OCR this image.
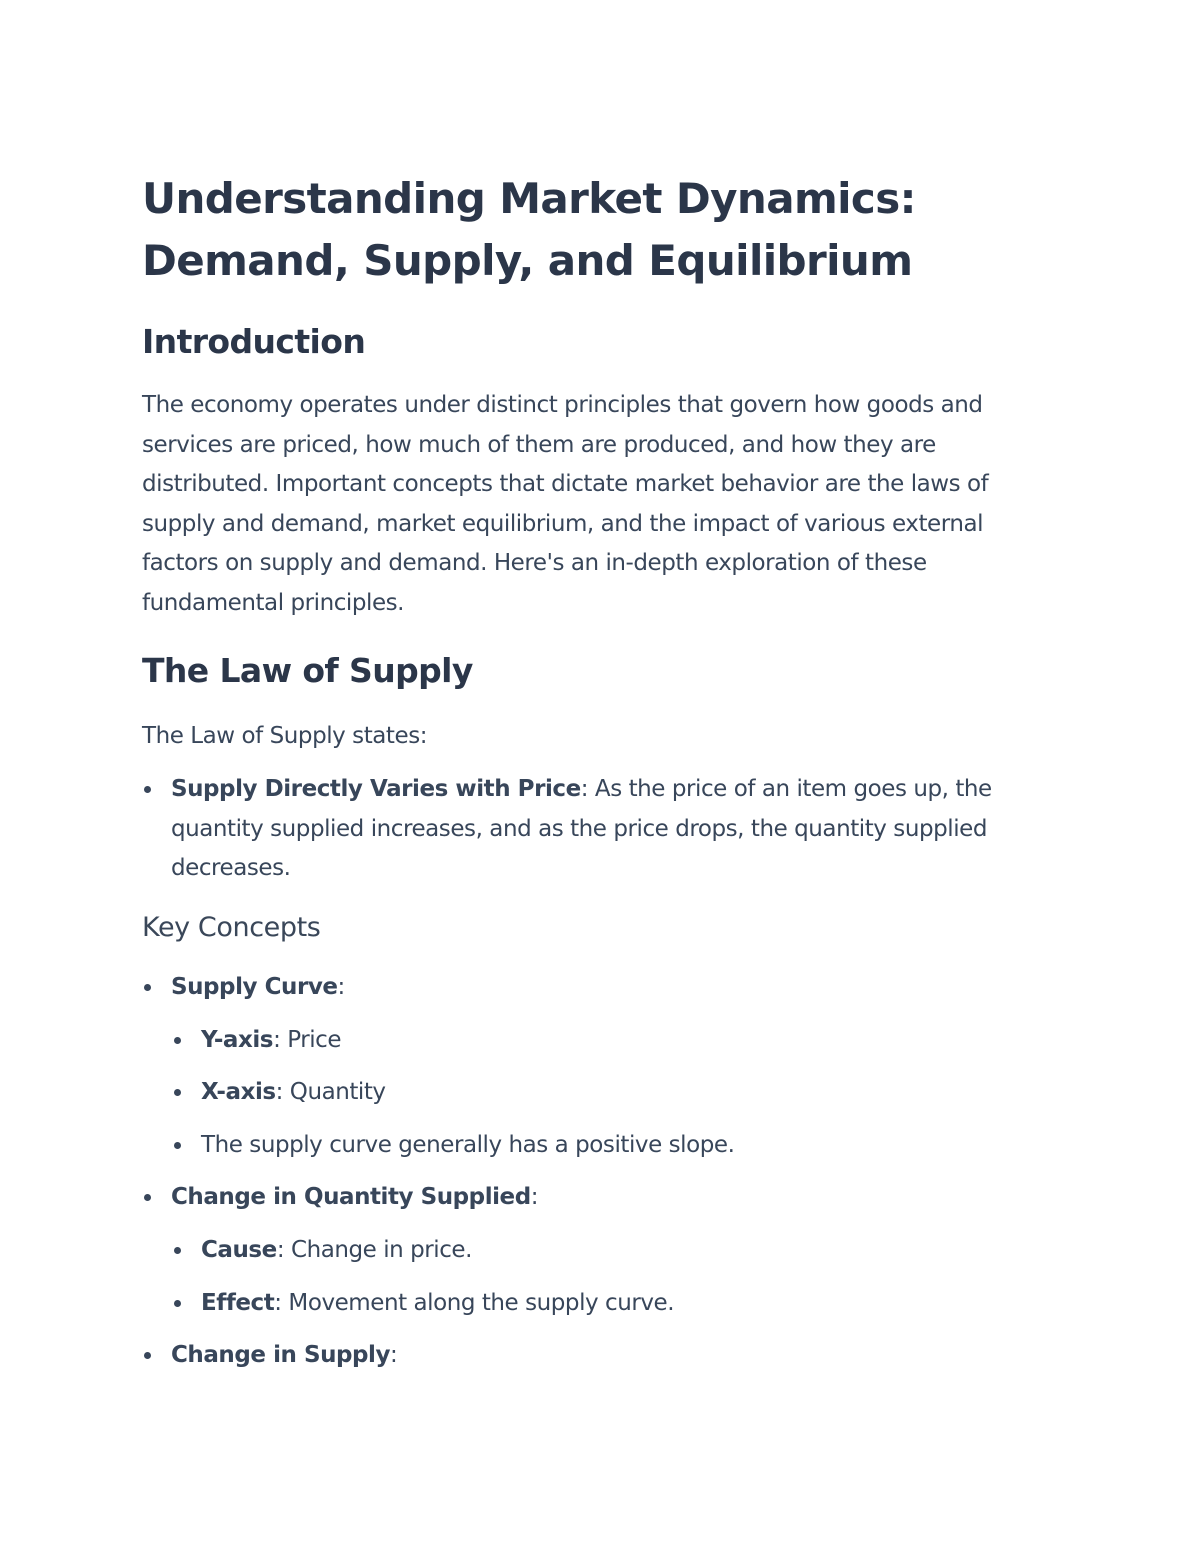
Understanding Market Dynamics:
Demand, Supply, and Equilibrium
Introduction

The economy operates under distinct principles that govern how goods and services are priced, how much of them are produced, and how they are distributed. Important concepts that dictate market behavior are the laws of supply and demand, market equilibrium, and the impact of various external factors on supply and demand. Here's an in-depth exploration of these fundamental principles.

The Law of Supply

The Law of Supply states:

Supply Directly Varies with Price: As the price of an item goes up, the quantity supplied increases, and as the price drops, the quantity supplied decreases.
Key Concepts
Supply Curve:
Y-axis: Price
X-axis: Quantity
The supply curve generally has a positive slope.
Change in Quantity Supplied:
Cause: Change in price.
Effect: Movement along the supply curve.
Change in Supply:
